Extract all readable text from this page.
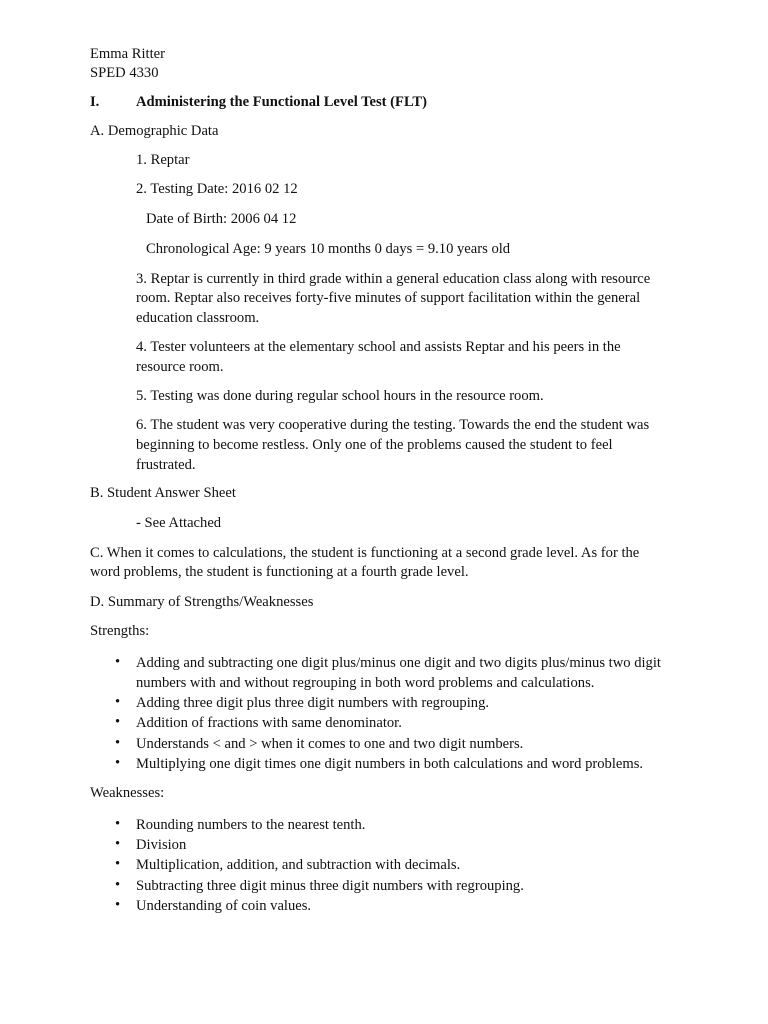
Emma Ritter
SPED 4330
I.	Administering the Functional Level Test (FLT)
A. Demographic Data
1. Reptar
2. Testing Date: 2016 02 12
Date of Birth: 2006 04 12
Chronological Age: 9 years 10 months 0 days = 9.10 years old
3. Reptar is currently in third grade within a general education class along with resource
room. Reptar also receives forty-five minutes of support facilitation within the general
education classroom.
4. Tester volunteers at the elementary school and assists Reptar and his peers in the
resource room.
5. Testing was done during regular school hours in the resource room.
6. The student was very cooperative during the testing. Towards the end the student was
beginning to become restless. Only one of the problems caused the student to feel
frustrated.
B. Student Answer Sheet
- See Attached
C. When it comes to calculations, the student is functioning at a second grade level. As for the
word problems, the student is functioning at a fourth grade level.
D. Summary of Strengths/Weaknesses
Strengths:
• Adding and subtracting one digit plus/minus one digit and two digits plus/minus two digit
numbers with and without regrouping in both word problems and calculations.
• Adding three digit plus three digit numbers with regrouping.
• Addition of fractions with same denominator.
• Understands < and > when it comes to one and two digit numbers.
• Multiplying one digit times one digit numbers in both calculations and word problems.
Weaknesses:
• Rounding numbers to the nearest tenth.
• Division
• Multiplication, addition, and subtraction with decimals.
• Subtracting three digit minus three digit numbers with regrouping.
• Understanding of coin values.
